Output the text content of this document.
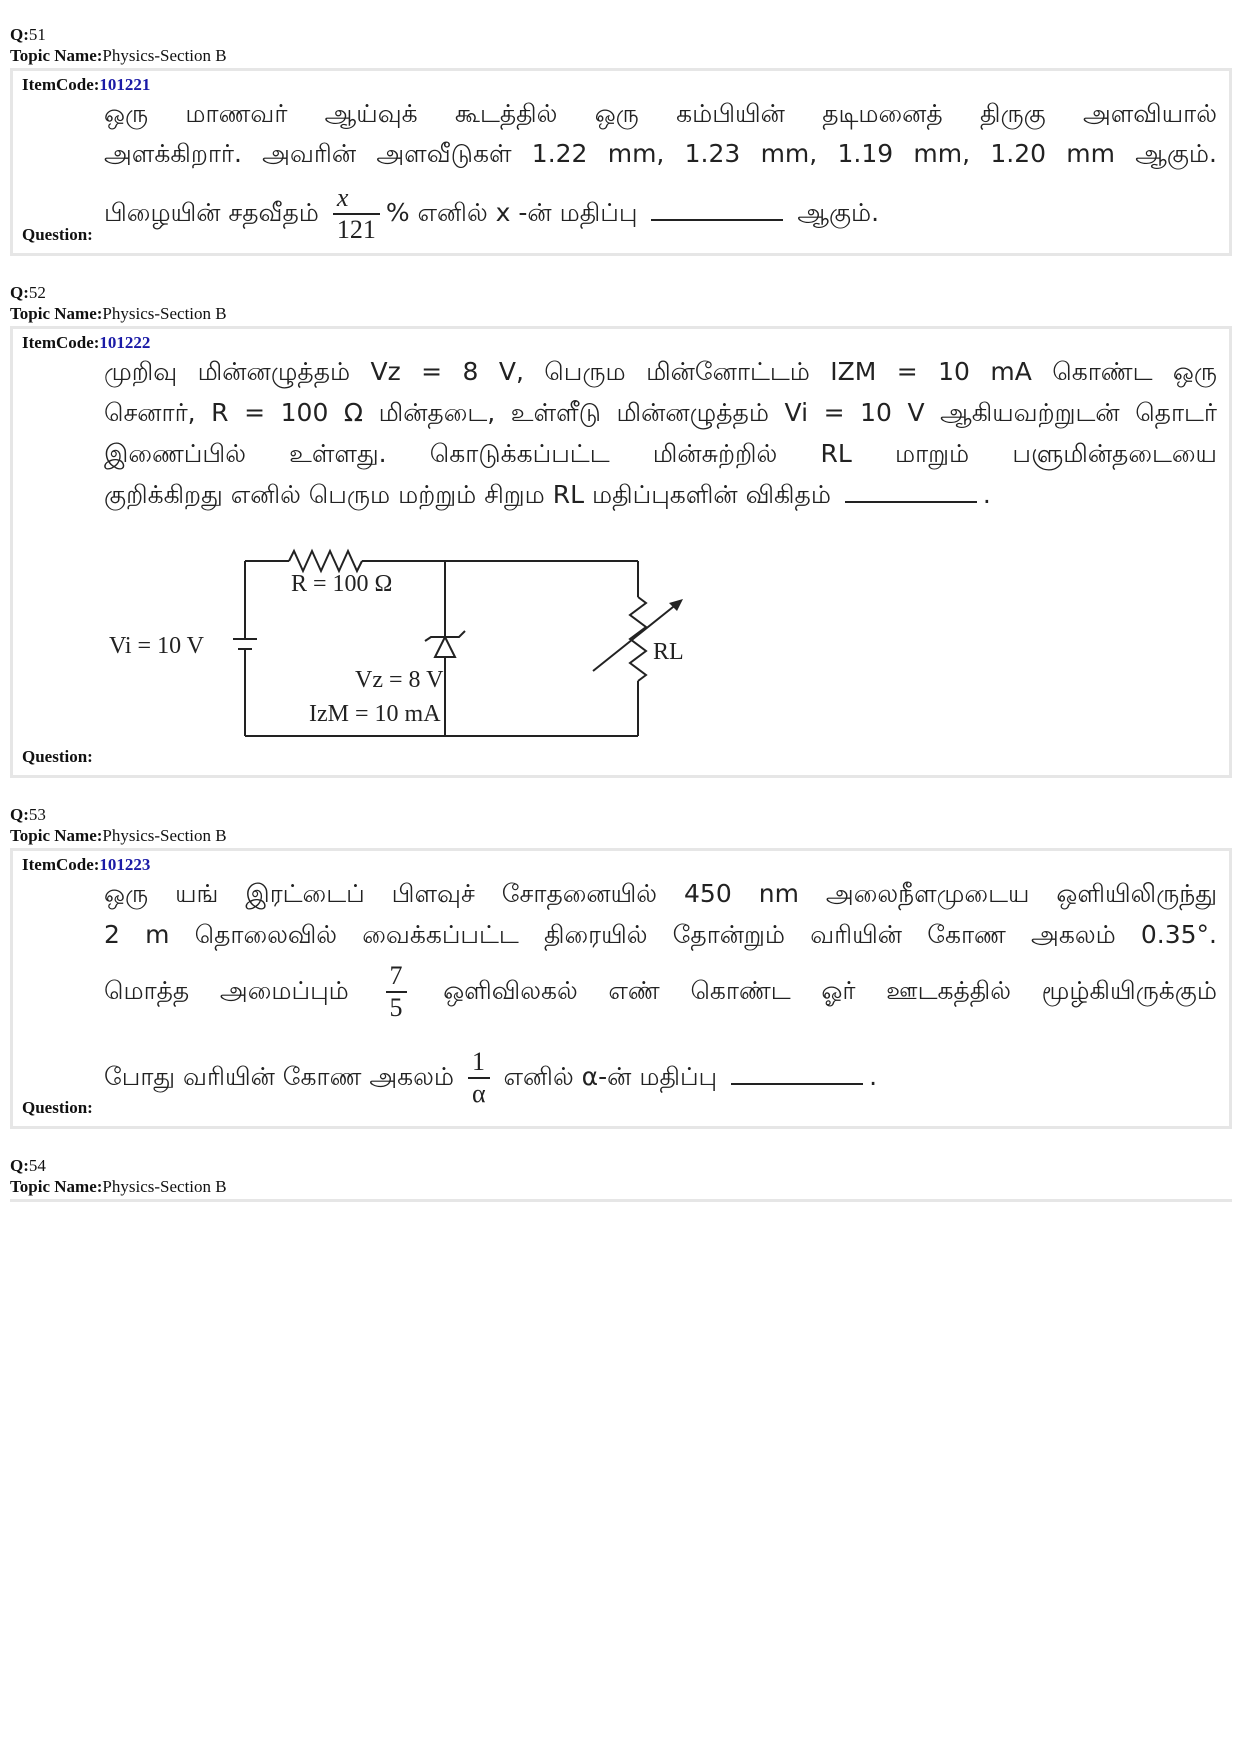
Q:51
Topic Name:Physics-Section B
ItemCode:101221
ஒரு மாணவர் ஆய்வுக் கூடத்தில் ஒரு கம்பியின் தடிமனைத் திருகு அளவியால்
அளக்கிறார். அவரின் அளவீடுகள் 1.22 mm, 1.23 mm, 1.19 mm, 1.20 mm ஆகும்.
பிழையின் சதவீதம் $\frac{x}{121}$ % எனில் x -ன் மதிப்பு	ஆகும்.
Question:
Q:52
Topic Name:Physics-Section B
ItemCode:101222
முறிவு மின்னழுத்தம் Vz = 8 V, பெரும மின்னோட்டம் IZM = 10 mA கொண்ட ஒரு
செனார், R = 100 Ω மின்தடை, உள்ளீடு மின்னழுத்தம் Vi = 10 V ஆகியவற்றுடன் தொடர்
இணைப்பில் உள்ளது. கொடுக்கப்பட்ட மின்சுற்றில் RL மாறும் பளுமின்தடையை
குறிக்கிறது எனில் பெரும மற்றும் சிறும RL மதிப்புகளின் விகிதம்	.
R = 100 Ω
Vi = 10 V
Vz = 8 V
IzM = 10 mA
RL
Question:
Q:53
Topic Name:Physics-Section B
ItemCode:101223
ஒரு யங் இரட்டைப் பிளவுச் சோதனையில் 450 nm அலைநீளமுடைய ஒளியிலிருந்து
2 m தொலைவில் வைக்கப்பட்ட திரையில் தோன்றும் வரியின் கோண அகலம் 0.35°.
மொத்த அமைப்பும் $\frac{7}{5}$ ஒளிவிலகல் எண் கொண்ட ஓர் ஊடகத்தில் மூழ்கியிருக்கும்
போது வரியின் கோண அகலம் $\frac{1}{\alpha}$ எனில் α-ன் மதிப்பு	.
Question:
Q:54
Topic Name:Physics-Section B
